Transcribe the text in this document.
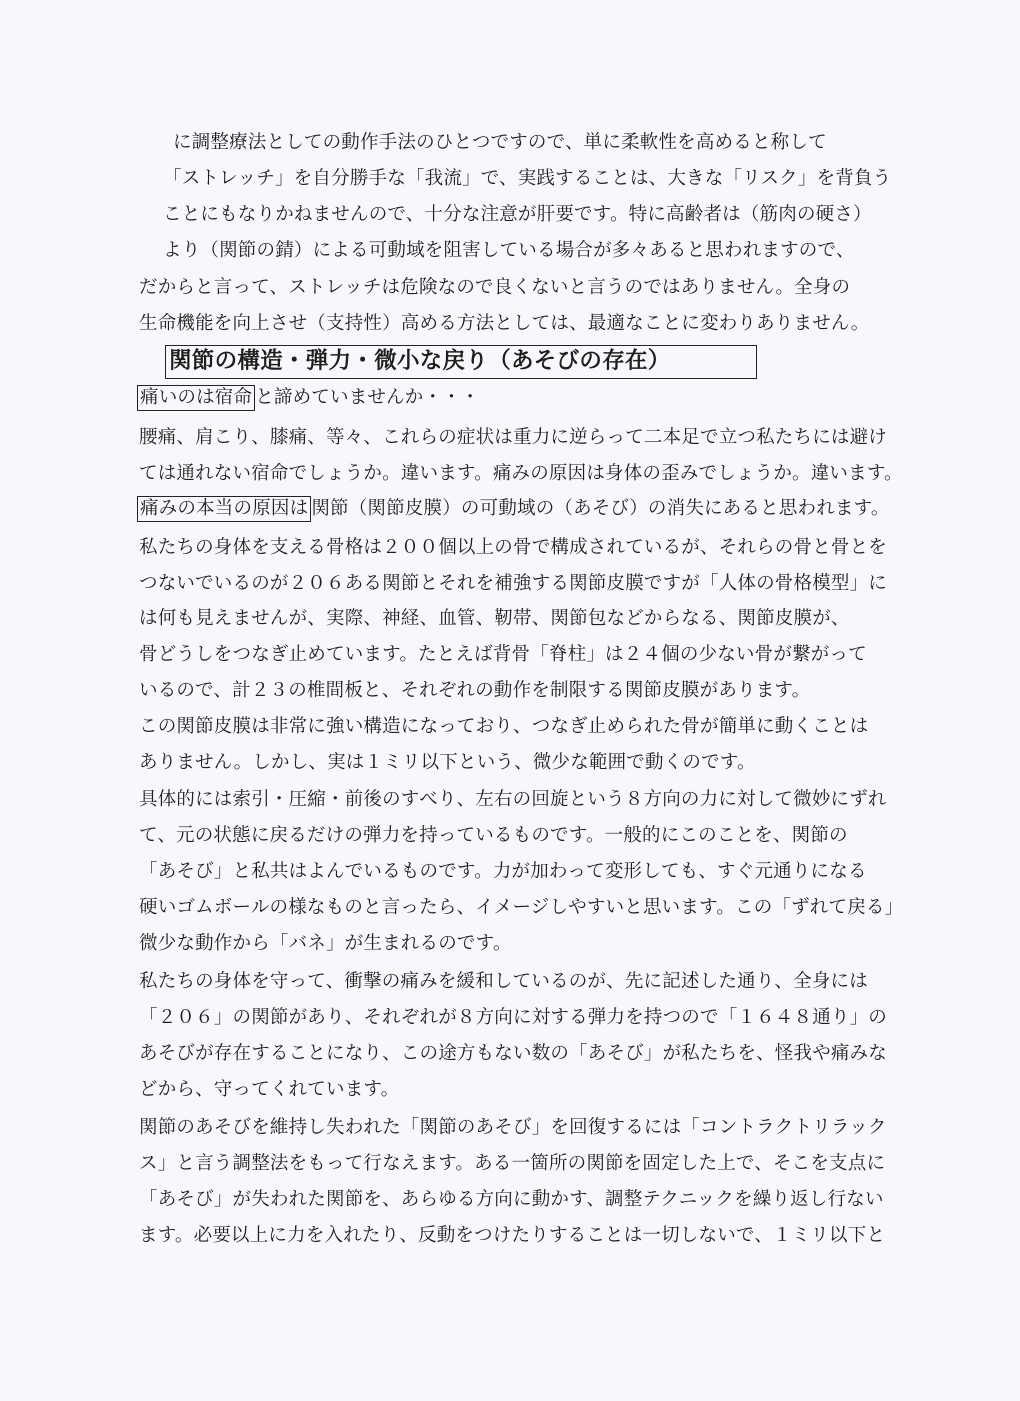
に調整療法としての動作手法のひとつですので、単に柔軟性を高めると称して
「ストレッチ」を自分勝手な「我流」で、実践することは、大きな「リスク」を背負う
ことにもなりかねませんので、十分な注意が肝要です。特に高齢者は（筋肉の硬さ）
より（関節の錆）による可動域を阻害している場合が多々あると思われますので、
だからと言って、ストレッチは危険なので良くないと言うのではありません。全身の
生命機能を向上させ（支持性）高める方法としては、最適なことに変わりありません。
関節の構造・弾力・微小な戻り（あそびの存在）
痛いのは宿命 と諦めていませんか・・・
腰痛、肩こり、膝痛、等々、これらの症状は重力に逆らって二本足で立つ私たちには避け
ては通れない宿命でしょうか。違います。痛みの原因は身体の歪みでしょうか。違います。
痛みの本当の原因は 関節（関節皮膜）の可動域の（あそび）の消失にあると思われます。
私たちの身体を支える骨格は２００個以上の骨で構成されているが、それらの骨と骨とを
つないでいるのが２０６ある関節とそれを補強する関節皮膜ですが「人体の骨格模型」に
は何も見えませんが、実際、神経、血管、靭帯、関節包などからなる、関節皮膜が、
骨どうしをつなぎ止めています。たとえば背骨「脊柱」は２４個の少ない骨が繋がって
いるので、計２３の椎間板と、それぞれの動作を制限する関節皮膜があります。
この関節皮膜は非常に強い構造になっており、つなぎ止められた骨が簡単に動くことは
ありません。しかし、実は１ミリ以下という、微少な範囲で動くのです。
具体的には索引・圧縮・前後のすべり、左右の回旋という８方向の力に対して微妙にずれ
て、元の状態に戻るだけの弾力を持っているものです。一般的にこのことを、関節の
「あそび」と私共はよんでいるものです。力が加わって変形しても、すぐ元通りになる
硬いゴムボールの様なものと言ったら、イメージしやすいと思います。この「ずれて戻る」
微少な動作から「バネ」が生まれるのです。
私たちの身体を守って、衝撃の痛みを緩和しているのが、先に記述した通り、全身には
「２０６」の関節があり、それぞれが８方向に対する弾力を持つので「１６４８通り」の
あそびが存在することになり、この途方もない数の「あそび」が私たちを、怪我や痛みな
どから、守ってくれています。
関節のあそびを維持し失われた「関節のあそび」を回復するには「コントラクトリラック
ス」と言う調整法をもって行なえます。ある一箇所の関節を固定した上で、そこを支点に
「あそび」が失われた関節を、あらゆる方向に動かす、調整テクニックを繰り返し行ない
ます。必要以上に力を入れたり、反動をつけたりすることは一切しないで、１ミリ以下と
